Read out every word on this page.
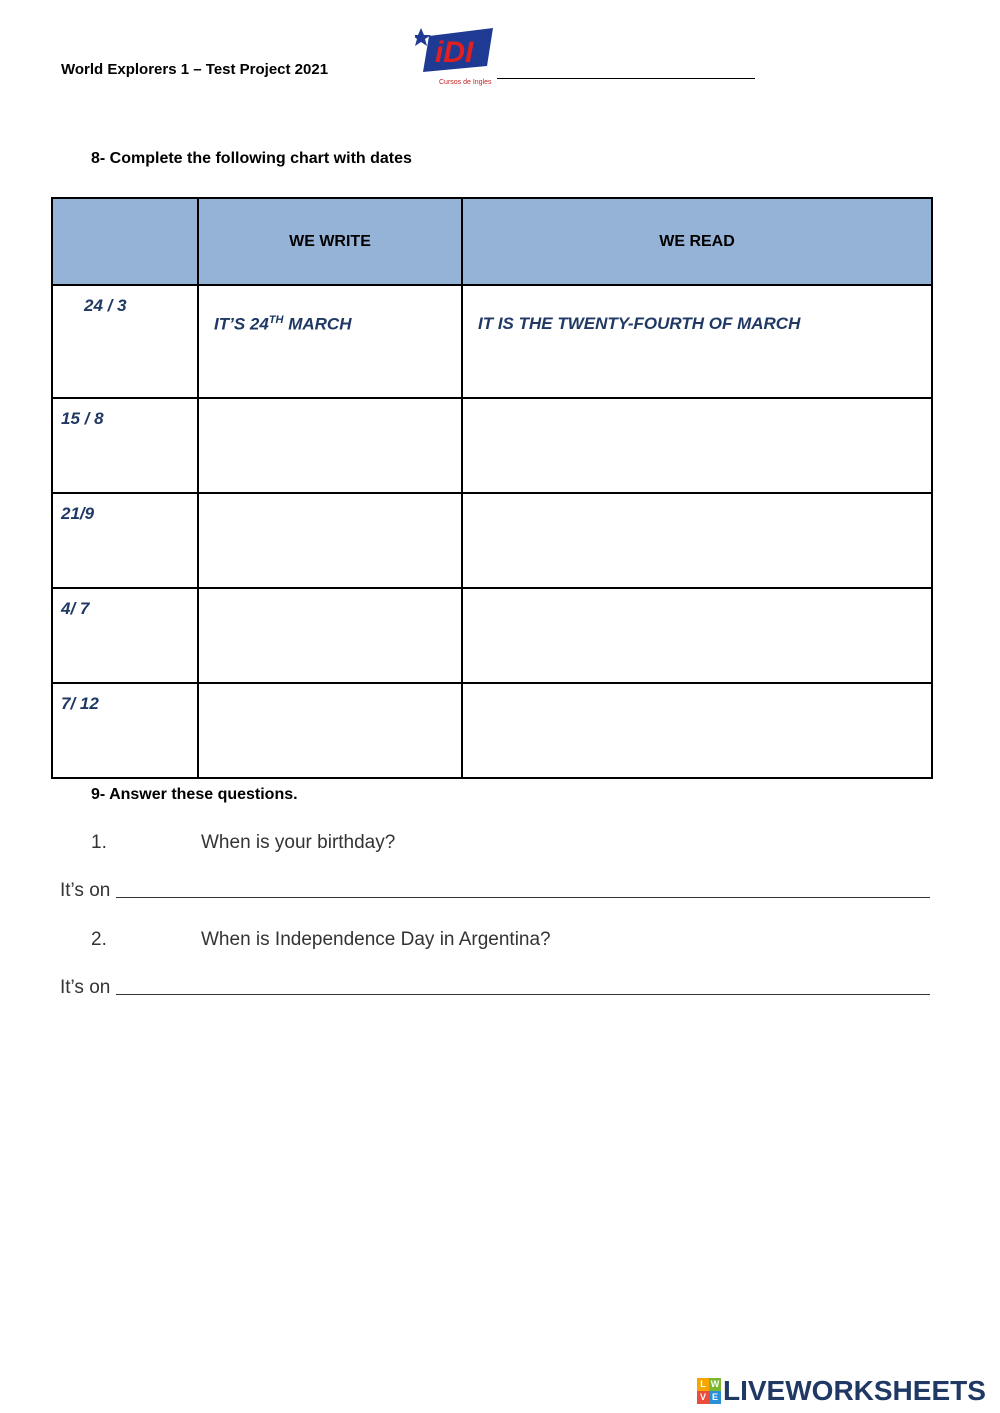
World Explorers 1 – Test Project 2021
iDI
Cursos de Ingles
8- Complete the following chart with dates
	WE WRITE	WE READ
24 / 3	IT’S 24TH MARCH	IT IS THE TWENTY-FOURTH OF MARCH
15 / 8		
21/9		
4/ 7		
7/ 12		
9- Answer these questions.
1.	When is your birthday?
It’s on
2.	When is Independence Day in Argentina?
It’s on
L W
V E LIVEWORKSHEETS
